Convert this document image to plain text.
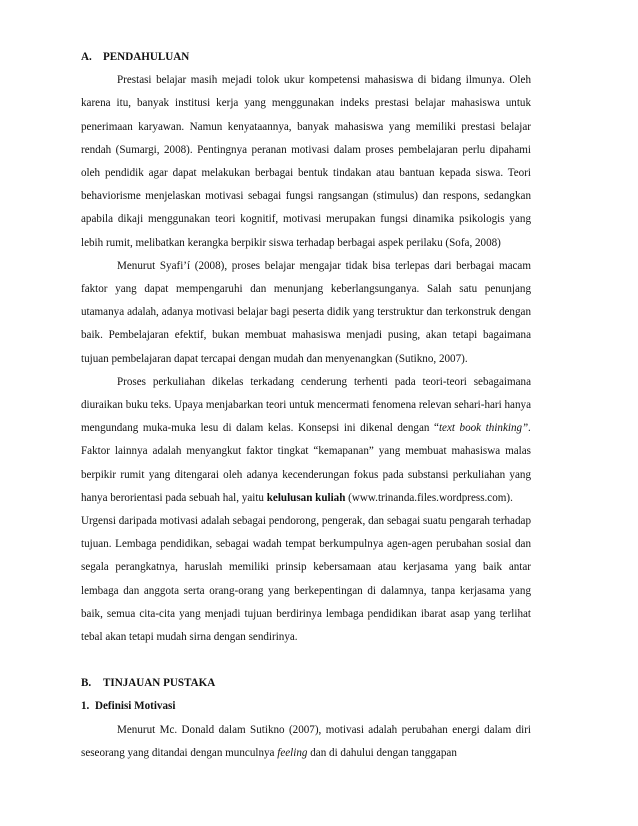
A. PENDAHULUAN

Prestasi belajar masih mejadi tolok ukur kompetensi mahasiswa di bidang ilmunya. Oleh karena itu, banyak institusi kerja yang menggunakan indeks prestasi belajar mahasiswa untuk penerimaan karyawan. Namun kenyataannya, banyak mahasiswa yang memiliki prestasi belajar rendah (Sumargi, 2008). Pentingnya peranan motivasi dalam proses pembelajaran perlu dipahami oleh pendidik agar dapat melakukan berbagai bentuk tindakan atau bantuan kepada siswa. Teori behaviorisme menjelaskan motivasi sebagai fungsi rangsangan (stimulus) dan respons, sedangkan apabila dikaji menggunakan teori kognitif, motivasi merupakan fungsi dinamika psikologis yang lebih rumit, melibatkan kerangka berpikir siswa terhadap berbagai aspek perilaku (Sofa, 2008)

Menurut Syafi’í (2008), proses belajar mengajar tidak bisa terlepas dari berbagai macam faktor yang dapat mempengaruhi dan menunjang keberlangsunganya. Salah satu penunjang utamanya adalah, adanya motivasi belajar bagi peserta didik yang terstruktur dan terkonstruk dengan baik. Pembelajaran efektif, bukan membuat mahasiswa menjadi pusing, akan tetapi bagaimana tujuan pembelajaran dapat tercapai dengan mudah dan menyenangkan (Sutikno, 2007).

Proses perkuliahan dikelas terkadang cenderung terhenti pada teori-teori sebagaimana diuraikan buku teks. Upaya menjabarkan teori untuk mencermati fenomena relevan sehari-hari hanya mengundang muka-muka lesu di dalam kelas. Konsepsi ini dikenal dengan “text book thinking”. Faktor lainnya adalah menyangkut faktor tingkat “kemapanan” yang membuat mahasiswa malas berpikir rumit yang ditengarai oleh adanya kecenderungan fokus pada substansi perkuliahan yang hanya berorientasi pada sebuah hal, yaitu kelulusan kuliah (www.trinanda.files.wordpress.com).

Urgensi daripada motivasi adalah sebagai pendorong, pengerak, dan sebagai suatu pengarah terhadap tujuan. Lembaga pendidikan, sebagai wadah tempat berkumpulnya agen-agen perubahan sosial dan segala perangkatnya, haruslah memiliki prinsip kebersamaan atau kerjasama yang baik antar lembaga dan anggota serta orang-orang yang berkepentingan di dalamnya, tanpa kerjasama yang baik, semua cita-cita yang menjadi tujuan berdirinya lembaga pendidikan ibarat asap yang terlihat tebal akan tetapi mudah sirna dengan sendirinya.

B. TINJAUAN PUSTAKA
1. Definisi Motivasi

Menurut Mc. Donald dalam Sutikno (2007), motivasi adalah perubahan energi dalam diri seseorang yang ditandai dengan munculnya feeling dan di dahului dengan tanggapan
